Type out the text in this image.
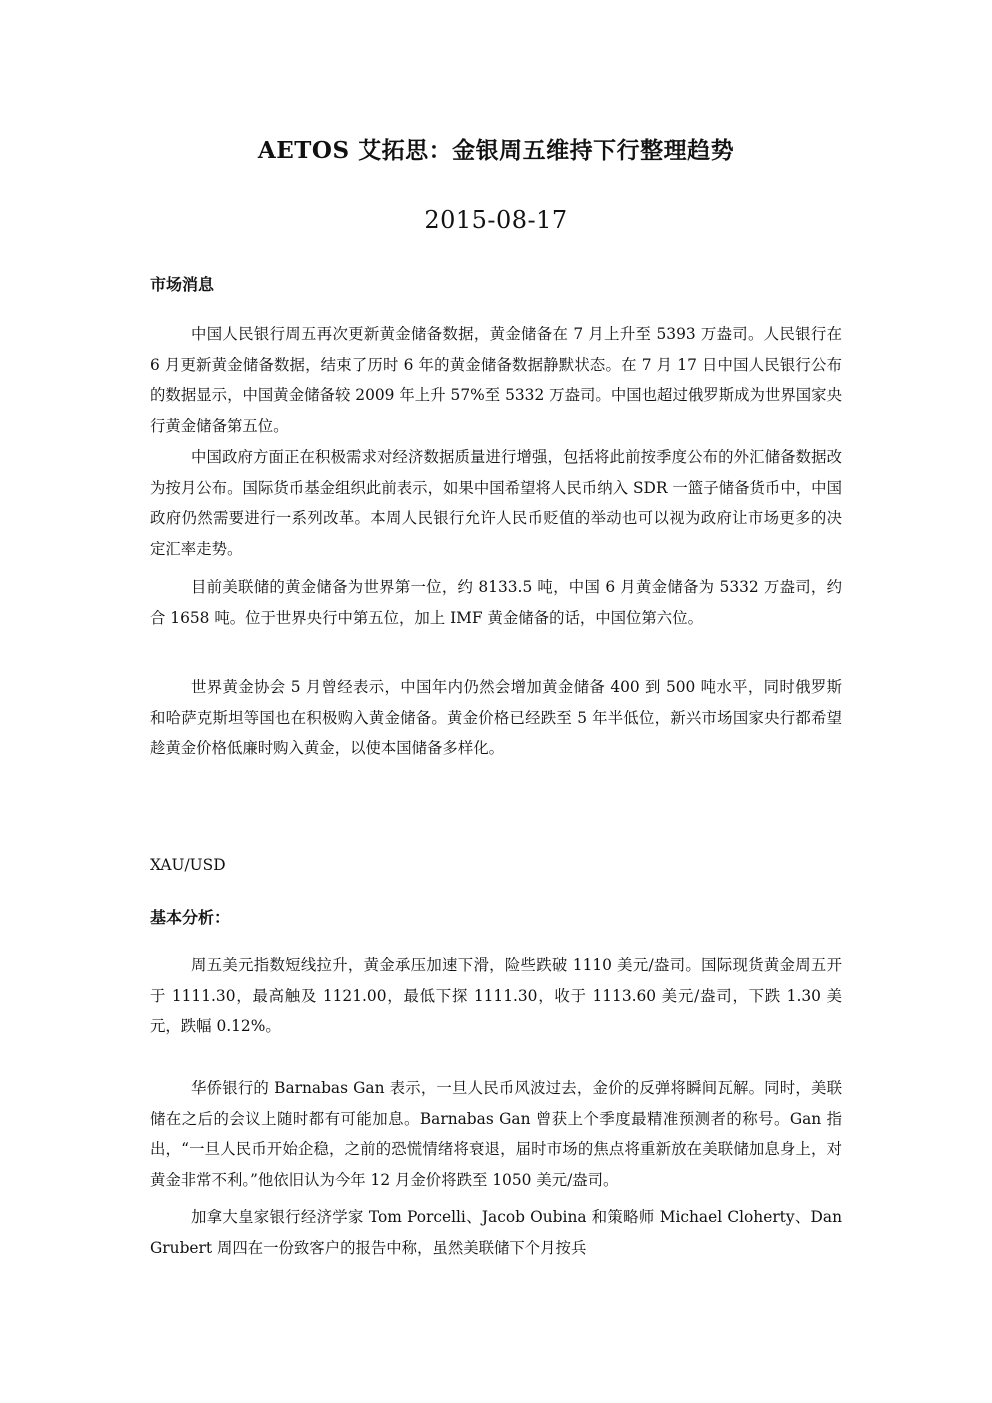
AETOS 艾拓思：金银周五维持下行整理趋势
2015-08-17
市场消息

中国人民银行周五再次更新黄金储备数据，黄金储备在 7 月上升至 5393 万盎司。人民银行在 6 月更新黄金储备数据，结束了历时 6 年的黄金储备数据静默状态。在 7 月 17 日中国人民银行公布的数据显示，中国黄金储备较 2009 年上升 57%至 5332 万盎司。中国也超过俄罗斯成为世界国家央行黄金储备第五位。

中国政府方面正在积极需求对经济数据质量进行增强，包括将此前按季度公布的外汇储备数据改为按月公布。国际货币基金组织此前表示，如果中国希望将人民币纳入 SDR 一篮子储备货币中，中国政府仍然需要进行一系列改革。本周人民银行允许人民币贬值的举动也可以视为政府让市场更多的决定汇率走势。

目前美联储的黄金储备为世界第一位，约 8133.5 吨，中国 6 月黄金储备为 5332 万盎司，约合 1658 吨。位于世界央行中第五位，加上 IMF 黄金储备的话，中国位第六位。

世界黄金协会 5 月曾经表示，中国年内仍然会增加黄金储备 400 到 500 吨水平，同时俄罗斯和哈萨克斯坦等国也在积极购入黄金储备。黄金价格已经跌至 5 年半低位，新兴市场国家央行都希望趁黄金价格低廉时购入黄金，以使本国储备多样化。

XAU/USD
基本分析：

周五美元指数短线拉升，黄金承压加速下滑，险些跌破 1110 美元/盎司。国际现货黄金周五开于 1111.30，最高触及 1121.00，最低下探 1111.30，收于 1113.60 美元/盎司，下跌 1.30 美元，跌幅 0.12%。

华侨银行的 Barnabas Gan 表示，一旦人民币风波过去，金价的反弹将瞬间瓦解。同时，美联储在之后的会议上随时都有可能加息。Barnabas Gan 曾获上个季度最精准预测者的称号。Gan 指出，“一旦人民币开始企稳，之前的恐慌情绪将衰退，届时市场的焦点将重新放在美联储加息身上，对黄金非常不利。”他依旧认为今年 12 月金价将跌至 1050 美元/盎司。

加拿大皇家银行经济学家 Tom Porcelli、Jacob Oubina 和策略师 Michael Cloherty、Dan Grubert 周四在一份致客户的报告中称，虽然美联储下个月按兵
